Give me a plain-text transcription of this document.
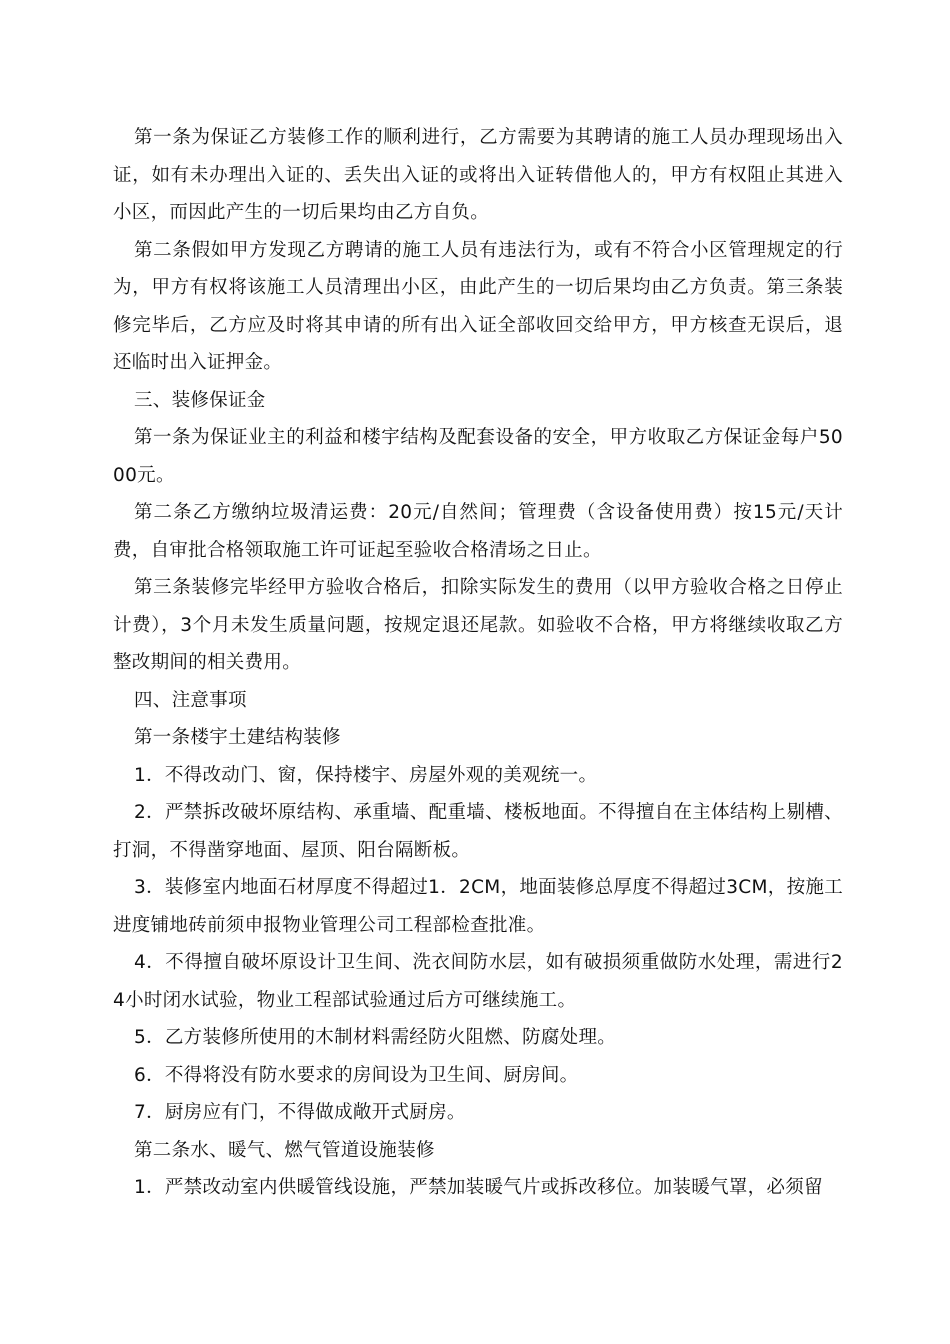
第一条为保证乙方装修工作的顺利进行，乙方需要为其聘请的施工人员办理现场出入证，如有未办理出入证的、丢失出入证的或将出入证转借他人的，甲方有权阻止其进入小区，而因此产生的一切后果均由乙方自负。

第二条假如甲方发现乙方聘请的施工人员有违法行为，或有不符合小区管理规定的行为，甲方有权将该施工人员清理出小区，由此产生的一切后果均由乙方负责。第三条装修完毕后，乙方应及时将其申请的所有出入证全部收回交给甲方，甲方核查无误后，退还临时出入证押金。

三、装修保证金

第一条为保证业主的利益和楼宇结构及配套设备的安全，甲方收取乙方保证金每户5000元。

第二条乙方缴纳垃圾清运费：20元/自然间；管理费（含设备使用费）按15元/天计费，自审批合格领取施工许可证起至验收合格清场之日止。

第三条装修完毕经甲方验收合格后，扣除实际发生的费用（以甲方验收合格之日停止计费），3个月未发生质量问题，按规定退还尾款。如验收不合格，甲方将继续收取乙方整改期间的相关费用。

四、注意事项

第一条楼宇土建结构装修

1．不得改动门、窗，保持楼宇、房屋外观的美观统一。

2．严禁拆改破坏原结构、承重墙、配重墙、楼板地面。不得擅自在主体结构上剔槽、打洞，不得凿穿地面、屋顶、阳台隔断板。

3．装修室内地面石材厚度不得超过1．2CM，地面装修总厚度不得超过3CM，按施工进度铺地砖前须申报物业管理公司工程部检查批准。

4．不得擅自破坏原设计卫生间、洗衣间防水层，如有破损须重做防水处理，需进行24小时闭水试验，物业工程部试验通过后方可继续施工。

5．乙方装修所使用的木制材料需经防火阻燃、防腐处理。

6．不得将没有防水要求的房间设为卫生间、厨房间。

7．厨房应有门，不得做成敞开式厨房。

第二条水、暖气、燃气管道设施装修

1．严禁改动室内供暖管线设施，严禁加装暖气片或拆改移位。加装暖气罩，必须留
